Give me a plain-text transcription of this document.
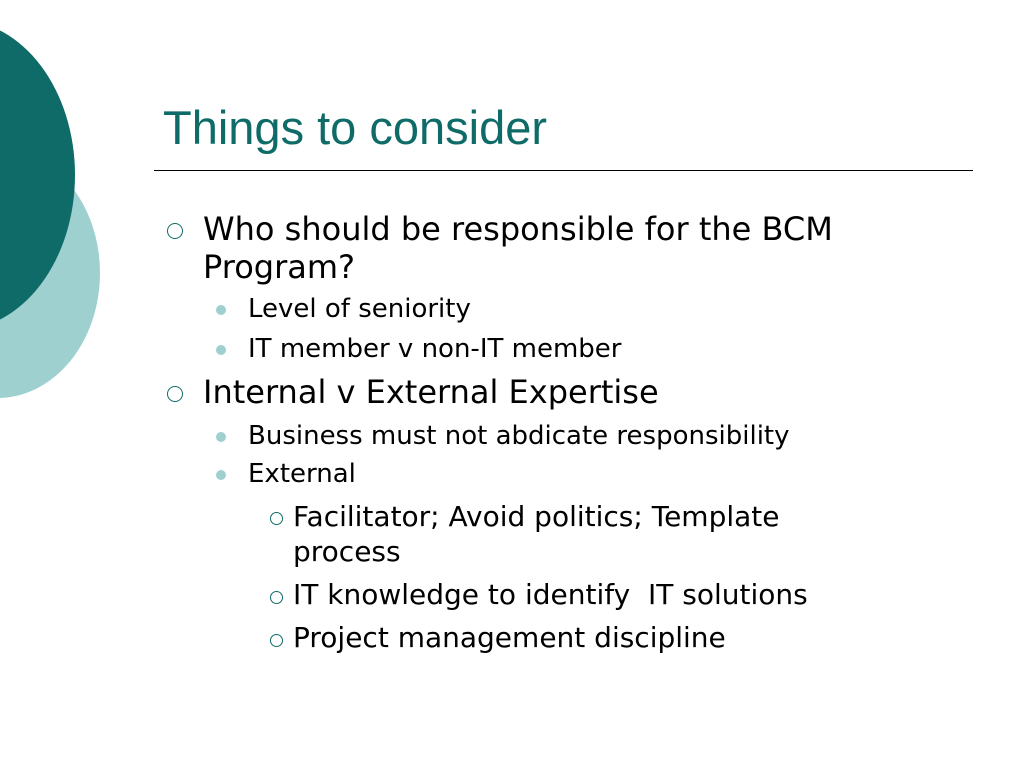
Things to consider
Who should be responsible for the BCM
Program?
Level of seniority
IT member v non-IT member
Internal v External Expertise
Business must not abdicate responsibility
External
Facilitator; Avoid politics; Template
process
IT knowledge to identify  IT solutions
Project management discipline
